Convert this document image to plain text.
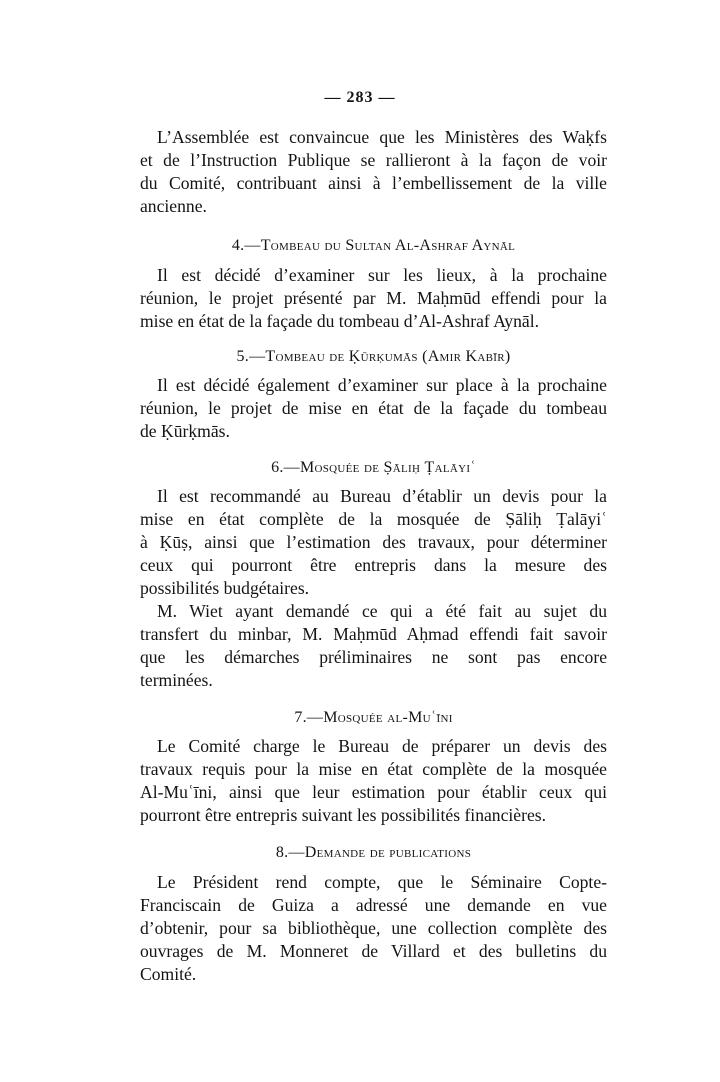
— 283 —
L’Assemblée est convaincue que les Ministères des Waḳfs
et de l’Instruction Publique se rallieront à la façon de voir
du Comité, contribuant ainsi à l’embellissement de la ville
ancienne.
4.—Tombeau du Sultan Al-Ashraf Aynāl
Il est décidé d’examiner sur les lieux, à la prochaine
réunion, le projet présenté par M. Maḥmūd effendi pour la
mise en état de la façade du tombeau d’Al-Ashraf Aynāl.
5.—Tombeau de Ḳūrḳumās (Amir Kabīr)
Il est décidé également d’examiner sur place à la prochaine
réunion, le projet de mise en état de la façade du tombeau
de Ḳūrḳmās.
6.—Mosquée de Ṣāliḥ Ṭalāyiʿ
Il est recommandé au Bureau d’établir un devis pour la
mise en état complète de la mosquée de Ṣāliḥ Ṭalāyiʿ
à Ḳūṣ, ainsi que l’estimation des travaux, pour déterminer
ceux qui pourront être entrepris dans la mesure des
possibilités budgétaires.
M. Wiet ayant demandé ce qui a été fait au sujet du
transfert du minbar, M. Maḥmūd Aḥmad effendi fait savoir
que les démarches préliminaires ne sont pas encore
terminées.
7.—Mosquée al-Muʿīni
Le Comité charge le Bureau de préparer un devis des
travaux requis pour la mise en état complète de la mosquée
Al-Muʿīni, ainsi que leur estimation pour établir ceux qui
pourront être entrepris suivant les possibilités financières.
8.—Demande de publications
Le Président rend compte, que le Séminaire Copte-
Franciscain de Guiza a adressé une demande en vue
d’obtenir, pour sa bibliothèque, une collection complète des
ouvrages de M. Monneret de Villard et des bulletins du
Comité.
